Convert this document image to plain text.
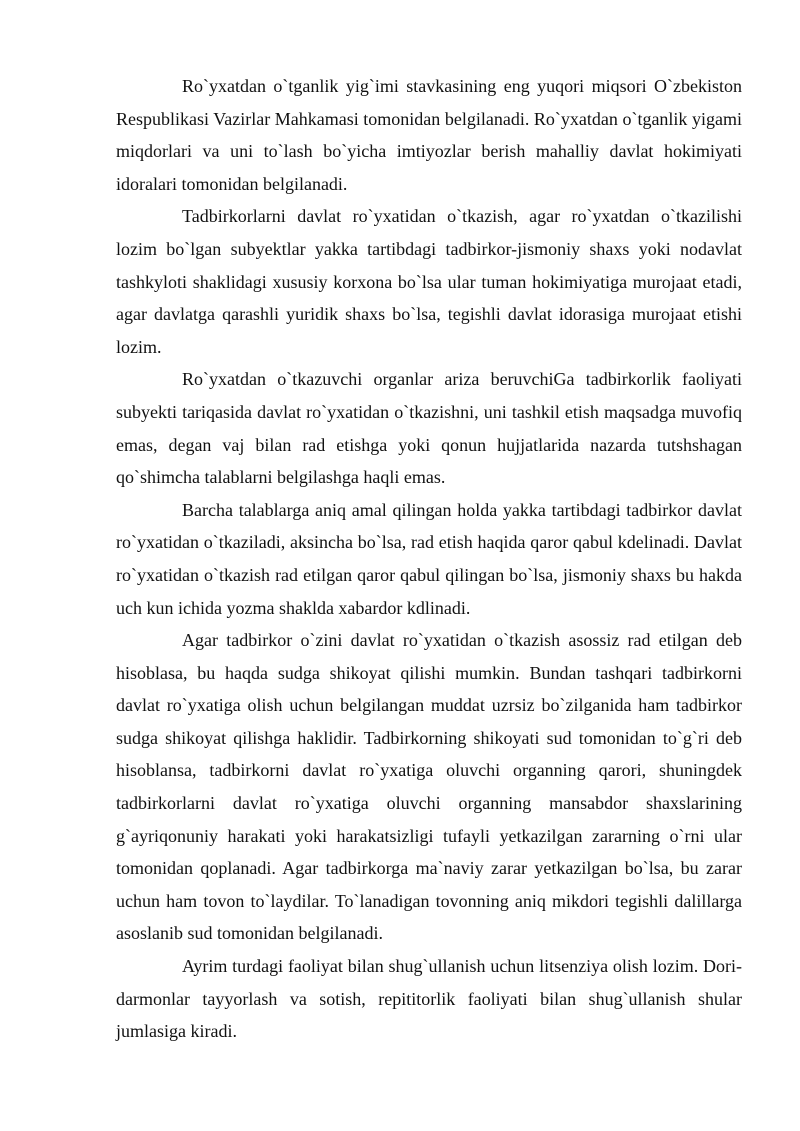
Ro`yxatdan o`tganlik yig`imi stavkasining eng yuqori miqsori O`zbekiston Respublikasi Vazirlar Mahkamasi tomonidan belgilanadi. Ro`yxatdan o`tganlik yigami miqdorlari va uni to`lash bo`yicha imtiyozlar berish mahalliy davlat hokimiyati idoralari tomonidan belgilanadi.

Tadbirkorlarni davlat ro`yxatidan o`tkazish, agar ro`yxatdan o`tkazilishi lozim bo`lgan subyektlar yakka tartibdagi tadbirkor-jismoniy shaxs yoki nodavlat tashkyloti shaklidagi xususiy korxona bo`lsa ular tuman hokimiyatiga murojaat etadi, agar davlatga qarashli yuridik shaxs bo`lsa, tegishli davlat idorasiga murojaat etishi lozim.

Ro`yxatdan o`tkazuvchi organlar ariza beruvchiGa tadbirkorlik faoliyati subyekti tariqasida davlat ro`yxatidan o`tkazishni, uni tashkil etish maqsadga muvofiq emas, degan vaj bilan rad etishga yoki qonun hujjatlarida nazarda tutshshagan qo`shimcha talablarni belgilashga haqli emas.

Barcha talablarga aniq amal qilingan holda yakka tartibdagi tadbirkor davlat ro`yxatidan o`tkaziladi, aksincha bo`lsa, rad etish haqida qaror qabul kdelinadi. Davlat ro`yxatidan o`tkazish rad etilgan qaror qabul qilingan bo`lsa, jismoniy shaxs bu hakda uch kun ichida yozma shaklda xabardor kdlinadi.

Agar tadbirkor o`zini davlat ro`yxatidan o`tkazish asossiz rad etilgan deb hisoblasa, bu haqda sudga shikoyat qilishi mumkin. Bundan tashqari tadbirkorni davlat ro`yxatiga olish uchun belgilangan muddat uzrsiz bo`zilganida ham tadbirkor sudga shikoyat qilishga haklidir. Tadbirkorning shikoyati sud tomonidan to`g`ri deb hisoblansa, tadbirkorni davlat ro`yxatiga oluvchi organning qarori, shuningdek tadbirkorlarni davlat ro`yxatiga oluvchi organning mansabdor shaxslarining g`ayriqonuniy harakati yoki harakatsizligi tufayli yetkazilgan zararning o`rni ular tomonidan qoplanadi. Agar tadbirkorga ma`naviy zarar yetkazilgan bo`lsa, bu zarar uchun ham tovon to`laydilar. To`lanadigan tovonning aniq mikdori tegishli dalillarga asoslanib sud tomonidan belgilanadi.

Ayrim turdagi faoliyat bilan shug`ullanish uchun litsenziya olish lozim. Dori-darmonlar tayyorlash va sotish, repititorlik faoliyati bilan shug`ullanish shular jumlasiga kiradi.
